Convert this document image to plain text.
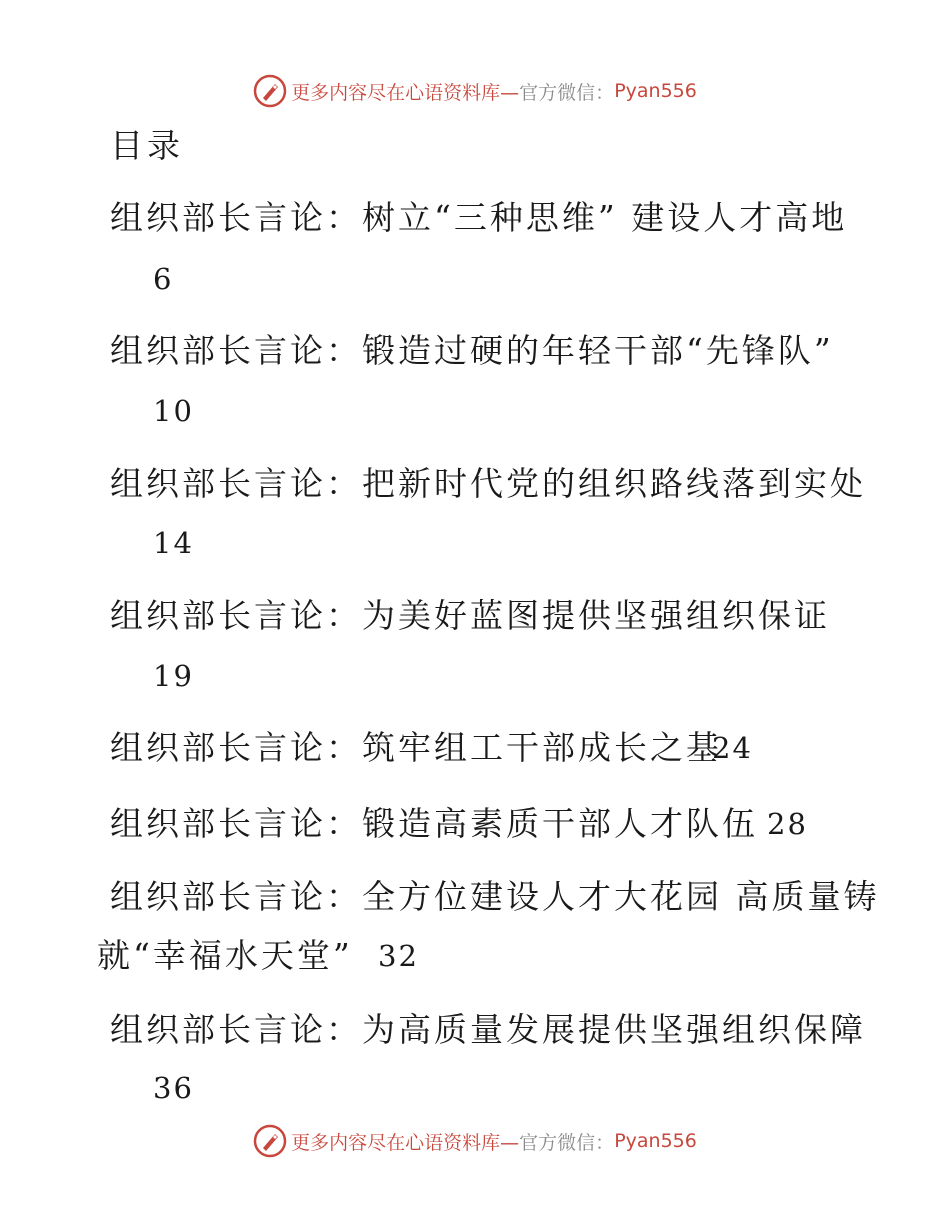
更多内容尽在心语资料库— 官方微信： Pyan556
目录
组织部长言论：树立“三种思维” 建设人才高地
6
组织部长言论：锻造过硬的年轻干部“先锋队”
10
组织部长言论：把新时代党的组织路线落到实处
14
组织部长言论：为美好蓝图提供坚强组织保证
19
组织部长言论：筑牢组工干部成长之基
24
组织部长言论：锻造高素质干部人才队伍 28
组织部长言论：全方位建设人才大花园 高质量铸
就“幸福水天堂” 32
组织部长言论：为高质量发展提供坚强组织保障
36
更多内容尽在心语资料库— 官方微信： Pyan556
